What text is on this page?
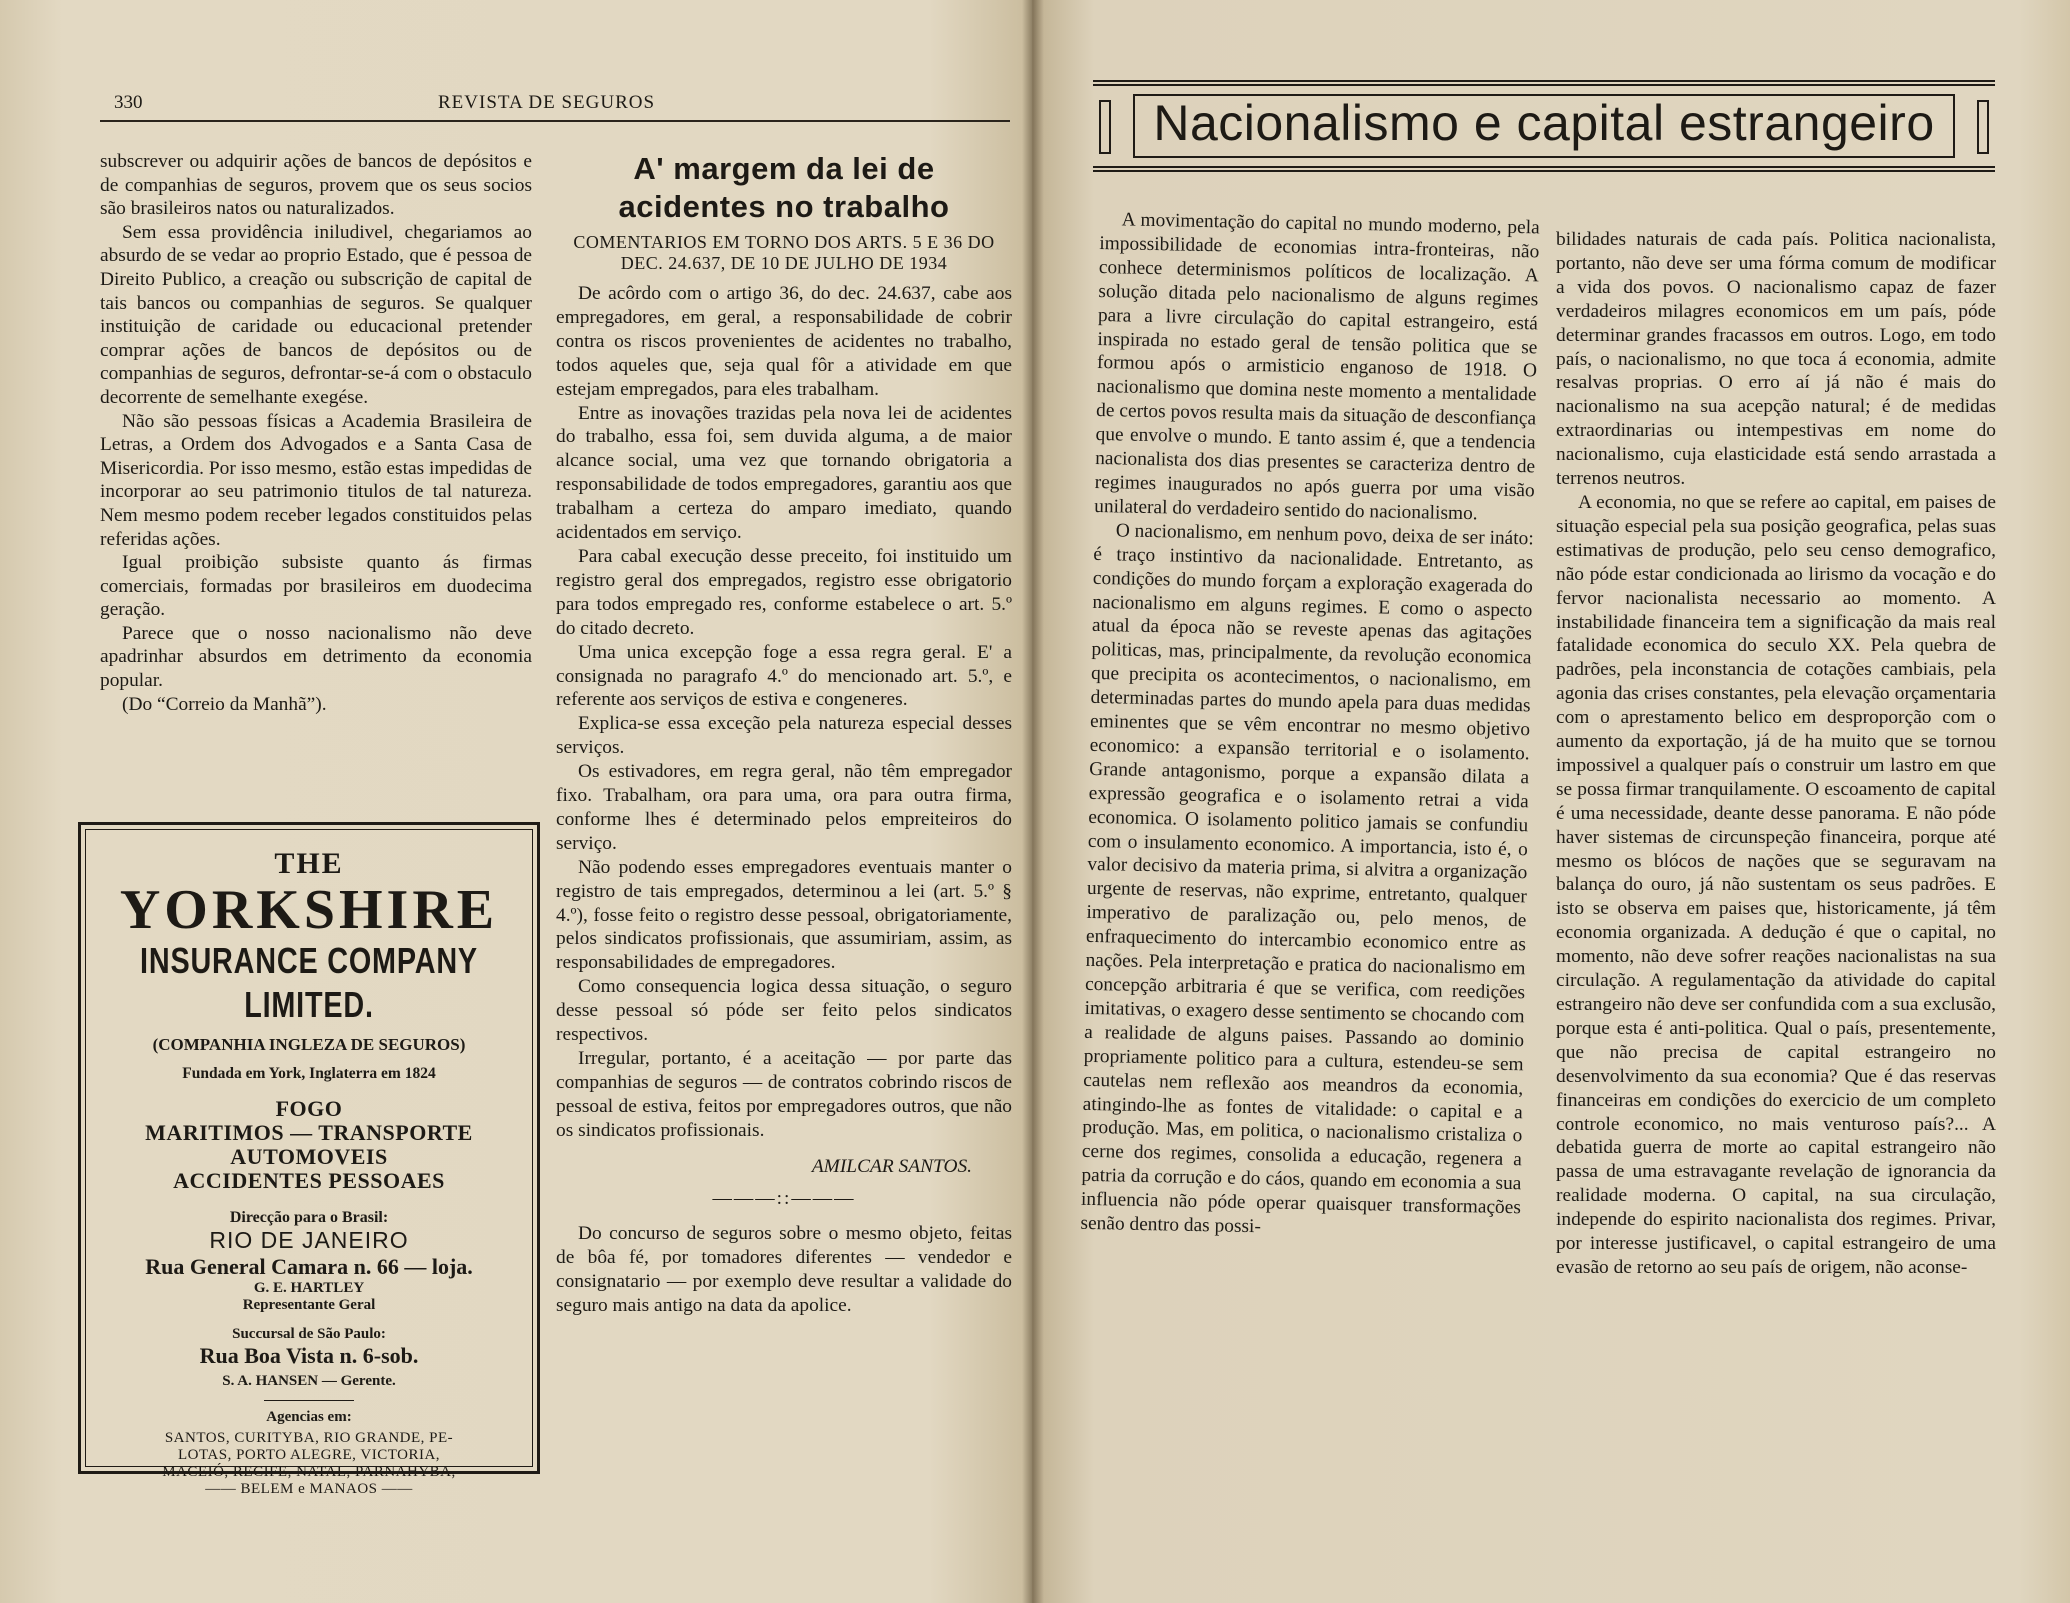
330	REVISTA DE SEGUROS

subscrever ou adquirir ações de bancos de depósitos e de companhias de seguros, provem que os seus socios são brasileiros natos ou naturalizados.

Sem essa providência iniludivel, chegariamos ao absurdo de se vedar ao proprio Estado, que é pessoa de Direito Publico, a creação ou subscrição de capital de tais bancos ou companhias de seguros. Se qualquer instituição de caridade ou educacional pretender comprar ações de bancos de depósitos ou de companhias de seguros, defrontar-se-á com o obstaculo decorrente de semelhante exegése.

Não são pessoas físicas a Academia Brasileira de Letras, a Ordem dos Advogados e a Santa Casa de Misericordia. Por isso mesmo, estão estas impedidas de incorporar ao seu patrimonio titulos de tal natureza. Nem mesmo podem receber legados constituidos pelas referidas ações.

Igual proibição subsiste quanto ás firmas comerciais, formadas por brasileiros em duodecima geração.

Parece que o nosso nacionalismo não deve apadrinhar absurdos em detrimento da economia popular.

(Do “Correio da Manhã”).

THE
YORKSHIRE
INSURANCE COMPANY LIMITED.
(COMPANHIA INGLEZA DE SEGUROS)
Fundada em York, Inglaterra em 1824
FOGO
MARITIMOS — TRANSPORTE
AUTOMOVEIS
ACCIDENTES PESSOAES
Direcção para o Brasil:
RIO DE JANEIRO
Rua General Camara n. 66 — loja.
G. E. HARTLEY
Representante Geral
Succursal de São Paulo:
Rua Boa Vista n. 6-sob.
S. A. HANSEN — Gerente.
Agencias em:
SANTOS, CURITYBA, RIO GRANDE, PE-
LOTAS, PORTO ALEGRE, VICTORIA,
MACEIÓ, RECIFE, NATAL, PARNAHYBA,
—— BELEM e MANAOS ——
A' margem da lei de acidentes no trabalho
COMENTARIOS EM TORNO DOS ARTS. 5 E 36 DO DEC. 24.637, DE 10 DE JULHO DE 1934

De acôrdo com o artigo 36, do dec. 24.637, cabe aos empregadores, em geral, a responsabilidade de cobrir contra os riscos provenientes de acidentes no trabalho, todos aqueles que, seja qual fôr a atividade em que estejam empregados, para eles trabalham.

Entre as inovações trazidas pela nova lei de acidentes do trabalho, essa foi, sem duvida alguma, a de maior alcance social, uma vez que tornando obrigatoria a responsabilidade de todos empregadores, garantiu aos que trabalham a certeza do amparo imediato, quando acidentados em serviço.

Para cabal execução desse preceito, foi instituido um registro geral dos empregados, registro esse obrigatorio para todos empregado res, conforme estabelece o art. 5.º do citado decreto.

Uma unica excepção foge a essa regra geral. E' a consignada no paragrafo 4.º do mencionado art. 5.º, e referente aos serviços de estiva e congeneres.

Explica-se essa exceção pela natureza especial desses serviços.

Os estivadores, em regra geral, não têm empregador fixo. Trabalham, ora para uma, ora para outra firma, conforme lhes é determinado pelos empreiteiros do serviço.

Não podendo esses empregadores eventuais manter o registro de tais empregados, determinou a lei (art. 5.º § 4.º), fosse feito o registro desse pessoal, obrigatoriamente, pelos sindicatos profissionais, que assumiriam, assim, as responsabilidades de empregadores.

Como consequencia logica dessa situação, o seguro desse pessoal só póde ser feito pelos sindicatos respectivos.

Irregular, portanto, é a aceitação — por parte das companhias de seguros — de contratos cobrindo riscos de pessoal de estiva, feitos por empregadores outros, que não os sindicatos profissionais.

AMILCAR SANTOS.
———::———

Do concurso de seguros sobre o mesmo objeto, feitas de bôa fé, por tomadores diferentes — vendedor e consignatario — por exemplo deve resultar a validade do seguro mais antigo na data da apolice.

Nacionalismo e capital estrangeiro

A movimentação do capital no mundo moderno, pela impossibilidade de economias intra-fronteiras, não conhece determinismos políticos de localização. A solução ditada pelo nacionalismo de alguns regimes para a livre circulação do capital estrangeiro, está inspirada no estado geral de tensão politica que se formou após o armisticio enganoso de 1918. O nacionalismo que domina neste momento a mentalidade de certos povos resulta mais da situação de desconfiança que envolve o mundo. E tanto assim é, que a tendencia nacionalista dos dias presentes se caracteriza dentro de regimes inaugurados no após guerra por uma visão unilateral do verdadeiro sentido do nacionalismo.

O nacionalismo, em nenhum povo, deixa de ser ináto: é traço instintivo da nacionalidade. Entretanto, as condições do mundo forçam a exploração exagerada do nacionalismo em alguns regimes. E como o aspecto atual da época não se reveste apenas das agitações politicas, mas, principalmente, da revolução economica que precipita os acontecimentos, o nacionalismo, em determinadas partes do mundo apela para duas medidas eminentes que se vêm encontrar no mesmo objetivo economico: a expansão territorial e o isolamento. Grande antagonismo, porque a expansão dilata a expressão geografica e o isolamento retrai a vida economica. O isolamento politico jamais se confundiu com o insulamento economico. A importancia, isto é, o valor decisivo da materia prima, si alvitra a organização urgente de reservas, não exprime, entretanto, qualquer imperativo de paralização ou, pelo menos, de enfraquecimento do intercambio economico entre as nações. Pela interpretação e pratica do nacionalismo em concepção arbitraria é que se verifica, com reedições imitativas, o exagero desse sentimento se chocando com a realidade de alguns paises. Passando ao dominio propriamente politico para a cultura, estendeu-se sem cautelas nem reflexão aos meandros da economia, atingindo-lhe as fontes de vitalidade: o capital e a produção. Mas, em politica, o nacionalismo cristaliza o cerne dos regimes, consolida a educação, regenera a patria da corrução e do cáos, quando em economia a sua influencia não póde operar quaisquer transformações senão dentro das possi-

bilidades naturais de cada país. Politica nacionalista, portanto, não deve ser uma fórma comum de modificar a vida dos povos. O nacionalismo capaz de fazer verdadeiros milagres economicos em um país, póde determinar grandes fracassos em outros. Logo, em todo país, o nacionalismo, no que toca á economia, admite resalvas proprias. O erro aí já não é mais do nacionalismo na sua acepção natural; é de medidas extraordinarias ou intempestivas em nome do nacionalismo, cuja elasticidade está sendo arrastada a terrenos neutros.

A economia, no que se refere ao capital, em paises de situação especial pela sua posição geografica, pelas suas estimativas de produção, pelo seu censo demografico, não póde estar condicionada ao lirismo da vocação e do fervor nacionalista necessario ao momento. A instabilidade financeira tem a significação da mais real fatalidade economica do seculo XX. Pela quebra de padrões, pela inconstancia de cotações cambiais, pela agonia das crises constantes, pela elevação orçamentaria com o aprestamento belico em desproporção com o aumento da exportação, já de ha muito que se tornou impossivel a qualquer país o construir um lastro em que se possa firmar tranquilamente. O escoamento de capital é uma necessidade, deante desse panorama. E não póde haver sistemas de circunspeção financeira, porque até mesmo os blócos de nações que se seguravam na balança do ouro, já não sustentam os seus padrões. E isto se observa em paises que, historicamente, já têm economia organizada. A dedução é que o capital, no momento, não deve sofrer reações nacionalistas na sua circulação. A regulamentação da atividade do capital estrangeiro não deve ser confundida com a sua exclusão, porque esta é anti-politica. Qual o país, presentemente, que não precisa de capital estrangeiro no desenvolvimento da sua economia? Que é das reservas financeiras em condições do exercicio de um completo controle economico, no mais venturoso país?... A debatida guerra de morte ao capital estrangeiro não passa de uma estravagante revelação de ignorancia da realidade moderna. O capital, na sua circulação, independe do espirito nacionalista dos regimes. Privar, por interesse justificavel, o capital estrangeiro de uma evasão de retorno ao seu país de origem, não aconse-
